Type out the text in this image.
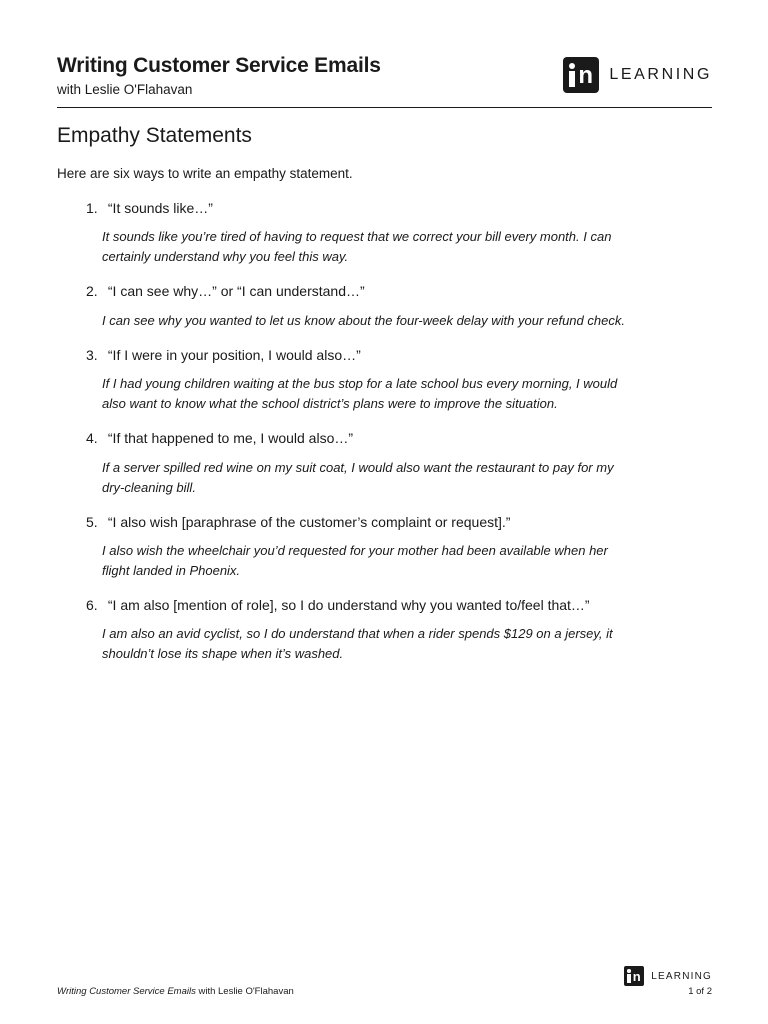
Writing Customer Service Emails
with Leslie O'Flahavan
n LEARNING
Empathy Statements

Here are six ways to write an empathy statement.

1. “It sounds like…”

It sounds like you’re tired of having to request that we correct your bill every month. I can
certainly understand why you feel this way.

2. “I can see why…” or “I can understand…”

I can see why you wanted to let us know about the four-week delay with your refund check.

3. “If I were in your position, I would also…”

If I had young children waiting at the bus stop for a late school bus every morning, I would
also want to know what the school district’s plans were to improve the situation.

4. “If that happened to me, I would also…”

If a server spilled red wine on my suit coat, I would also want the restaurant to pay for my
dry-cleaning bill.

5. “I also wish [paraphrase of the customer’s complaint or request].”

I also wish the wheelchair you’d requested for your mother had been available when her
flight landed in Phoenix.

6. “I am also [mention of role], so I do understand why you wanted to/feel that…”

I am also an avid cyclist, so I do understand that when a rider spends $129 on a jersey, it
shouldn’t lose its shape when it’s washed.

Writing Customer Service Emails with Leslie O'Flahavan
n LEARNING
1 of 2
